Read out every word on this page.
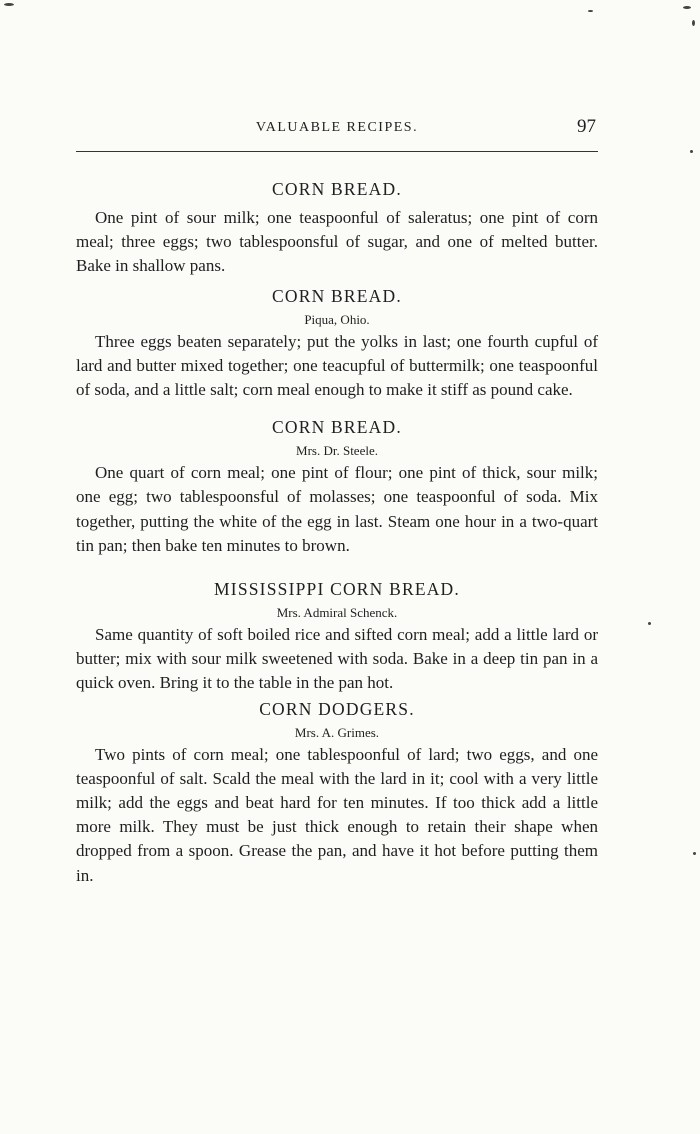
VALUABLE RECIPES.	97
CORN BREAD.

One pint of sour milk; one teaspoonful of saleratus; one pint of corn meal; three eggs; two tablespoonsful of sugar, and one of melted butter. Bake in shallow pans.

CORN BREAD.
Piqua, Ohio.

Three eggs beaten separately; put the yolks in last; one fourth cupful of lard and butter mixed together; one teacupful of buttermilk; one teaspoonful of soda, and a little salt; corn meal enough to make it stiff as pound cake.

CORN BREAD.
Mrs. Dr. Steele.

One quart of corn meal; one pint of flour; one pint of thick, sour milk; one egg; two tablespoonsful of molasses; one teaspoonful of soda. Mix together, putting the white of the egg in last. Steam one hour in a two-quart tin pan; then bake ten minutes to brown.

MISSISSIPPI CORN BREAD.
Mrs. Admiral Schenck.

Same quantity of soft boiled rice and sifted corn meal; add a little lard or butter; mix with sour milk sweetened with soda. Bake in a deep tin pan in a quick oven. Bring it to the table in the pan hot.

CORN DODGERS.
Mrs. A. Grimes.

Two pints of corn meal; one tablespoonful of lard; two eggs, and one teaspoonful of salt. Scald the meal with the lard in it; cool with a very little milk; add the eggs and beat hard for ten minutes. If too thick add a little more milk. They must be just thick enough to retain their shape when dropped from a spoon. Grease the pan, and have it hot before putting them in.
